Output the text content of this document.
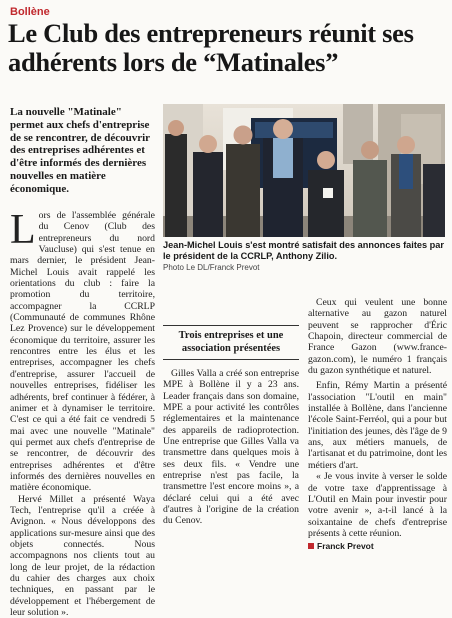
Bollène
Le Club des entrepreneurs réunit ses adhérents lors de “Matinales”
La nouvelle "Matinale" permet aux chefs d'entreprise de se rencontrer, de découvrir des entreprises adhérentes et d'être informés des dernières nouvelles en matière économique.
Jean-Michel Louis s'est montré satisfait des annonces faites par le président de la CCRLP, Anthony Zilio.
Photo Le DL/Franck Prevot
Lors de l'assemblée générale du Cenov (Club des entrepreneurs du nord Vaucluse) qui s'est tenue en mars dernier, le président Jean-Michel Louis avait rappelé les orientations du club : faire la promotion du territoire, accompagner la CCRLP (Communauté de communes Rhône Lez Provence) sur le développement économique du territoire, assurer les rencontres entre les élus et les entreprises, accompagner les chefs d'entreprise, assurer l'accueil de nouvelles entreprises, fidéliser les adhérents, bref continuer à fédérer, à animer et à dynamiser le territoire. C'est ce qui a été fait ce vendredi 5 mai avec une nouvelle "Matinale" qui permet aux chefs d'entreprise de se rencontrer, de découvrir des entreprises adhérentes et d'être informés des dernières nouvelles en matière économique.

Hervé Millet a présenté Waya Tech, l'entreprise qu'il a créée à Avignon. « Nous développons des applications sur-mesure ainsi que des objets connectés. Nous accompagnons nos clients tout au long de leur projet, de la rédaction du cahier des charges aux choix techniques, en passant par le développement et l'hébergement de leur solution ».

Trois entreprises et une association présentées

Gilles Valla a créé son entreprise MPE à Bollène il y a 23 ans. Leader français dans son domaine, MPE a pour activité les contrôles réglementaires et la maintenance des appareils de radioprotection. Une entreprise que Gilles Valla va transmettre dans quelques mois à ses deux fils. « Vendre une entreprise n'est pas facile, la transmettre l'est encore moins », a déclaré celui qui a été avec d'autres à l'origine de la création du Cenov.

Ceux qui veulent une bonne alternative au gazon naturel peuvent se rapprocher d'Éric Chapoin, directeur commercial de France Gazon (www.france-gazon.com), le numéro 1 français du gazon synthétique et naturel.

Enfin, Rémy Martin a présenté l'association "L'outil en main" installée à Bollène, dans l'ancienne l'école Saint-Ferréol, qui a pour but l'initiation des jeunes, dès l'âge de 9 ans, aux métiers manuels, de l'artisanat et du patrimoine, dont les métiers d'art.

« Je vous invite à verser le solde de votre taxe d'apprentissage à L'Outil en Main pour investir pour votre avenir », a-t-il lancé à la soixantaine de chefs d'entreprise présents à cette réunion.

Franck Prevot
